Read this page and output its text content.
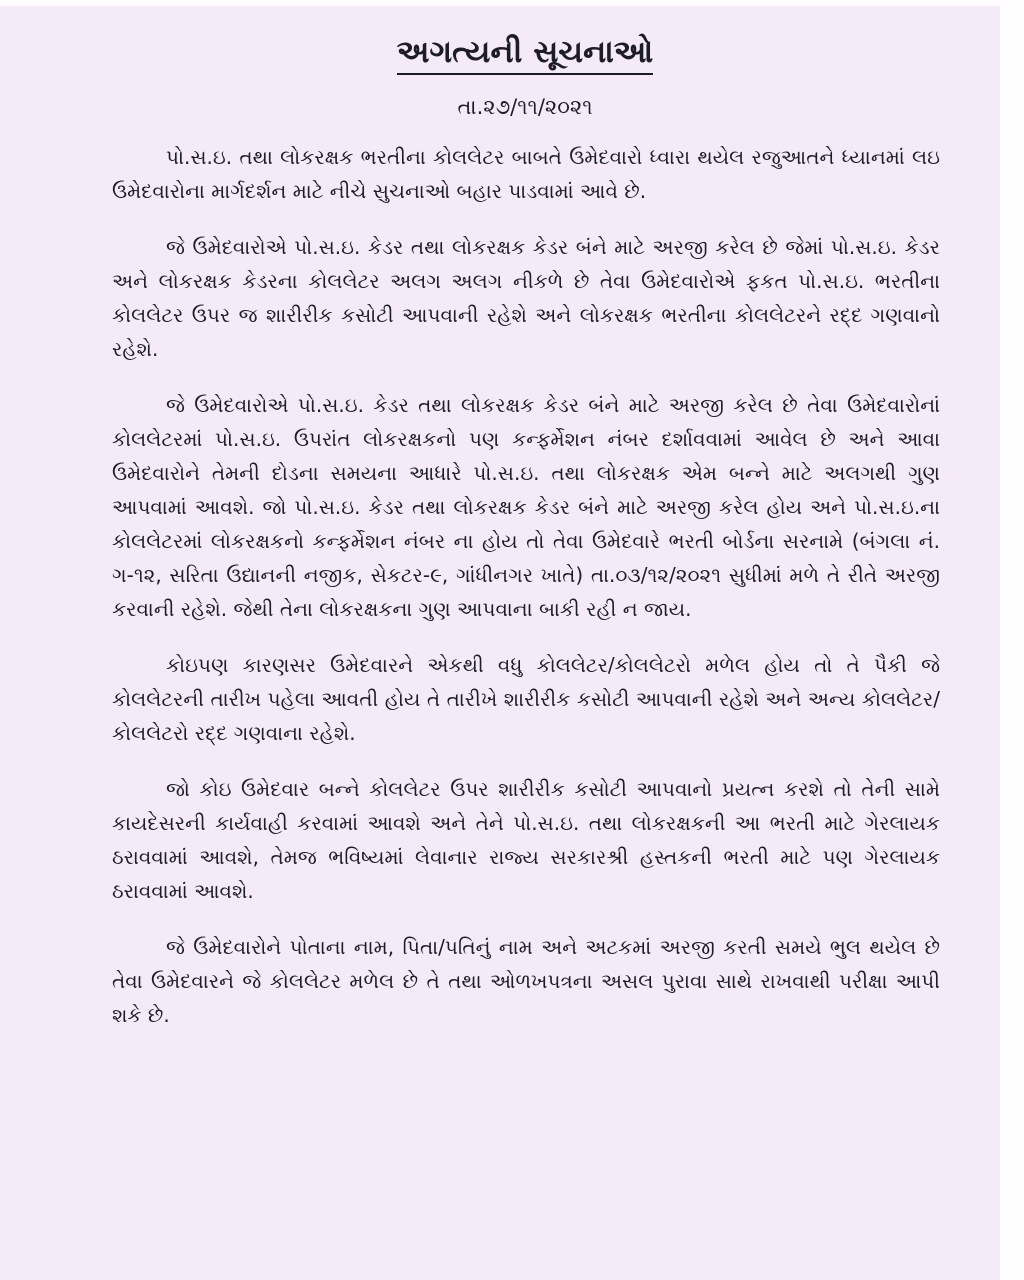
અગત્યની સૂચનાઓ
તા.૨૭/૧૧/૨૦૨૧

પો.સ.ઇ. તથા લોકરક્ષક ભરતીના કોલલેટર બાબતે ઉમેદવારો ધ્વારા થયેલ રજુઆતને ધ્યાનમાં લઇ ઉમેદવારોના માર્ગદર્શન માટે નીચે સુચનાઓ બહાર પાડવામાં આવે છે.

જે ઉમેદવારોએ પો.સ.ઇ. કેડર તથા લોકરક્ષક કેડર બંને માટે અરજી કરેલ છે જેમાં પો.સ.ઇ. કેડર અને લોકરક્ષક કેડરના કોલલેટર અલગ અલગ નીકળે છે તેવા ઉમેદવારોએ ફકત પો.સ.ઇ. ભરતીના કોલલેટર ઉપર જ શારીરીક કસોટી આપવાની રહેશે અને લોકરક્ષક ભરતીના કોલલેટરને રદ્દ ગણવાનો રહેશે.

જે ઉમેદવારોએ પો.સ.ઇ. કેડર તથા લોકરક્ષક કેડર બંને માટે અરજી કરેલ છે તેવા ઉમેદવારોનાં કોલલેટરમાં પો.સ.ઇ. ઉપરાંત લોકરક્ષકનો પણ કન્ફર્મેશન નંબર દર્શાવવામાં આવેલ છે અને આવા ઉમેદવારોને તેમની દોડના સમયના આધારે પો.સ.ઇ. તથા લોકરક્ષક એમ બન્ને માટે અલગથી ગુણ આપવામાં આવશે. જો પો.સ.ઇ. કેડર તથા લોકરક્ષક કેડર બંને માટે અરજી કરેલ હોય અને પો.સ.ઇ.ના કોલલેટરમાં લોકરક્ષકનો કન્ફર્મેશન નંબર ના હોય તો તેવા ઉમેદવારે ભરતી બોર્ડના સરનામે (બંગલા નં. ગ-૧૨, સરિતા ઉદ્યાનની નજીક, સેકટર-૯, ગાંધીનગર ખાતે) તા.૦૩/૧૨/૨૦૨૧ સુધીમાં મળે તે રીતે અરજી કરવાની રહેશે. જેથી તેના લોકરક્ષકના ગુણ આપવાના બાકી રહી ન જાય.

કોઇપણ કારણસર ઉમેદવારને એકથી વધુ કોલલેટર/કોલલેટરો મળેલ હોય તો તે પૈકી જે કોલલેટરની તારીખ પહેલા આવતી હોય તે તારીખે શારીરીક કસોટી આપવાની રહેશે અને અન્ય કોલલેટર/કોલલેટરો રદ્દ ગણવાના રહેશે.

જો કોઇ ઉમેદવાર બન્ને કોલલેટર ઉપર શારીરીક કસોટી આપવાનો પ્રયત્ન કરશે તો તેની સામે કાયદેસરની કાર્યવાહી કરવામાં આવશે અને તેને પો.સ.ઇ. તથા લોકરક્ષકની આ ભરતી માટે ગેરલાયક ઠરાવવામાં આવશે, તેમજ ભવિષ્યમાં લેવાનાર રાજ્ય સરકારશ્રી હસ્તકની ભરતી માટે પણ ગેરલાયક ઠરાવવામાં આવશે.

જે ઉમેદવારોને પોતાના નામ, પિતા/પતિનું નામ અને અટકમાં અરજી કરતી સમયે ભુલ થયેલ છે તેવા ઉમેદવારને જે કોલલેટર મળેલ છે તે તથા ઓળખપત્રના અસલ પુરાવા સાથે રાખવાથી પરીક્ષા આપી શકે છે.
